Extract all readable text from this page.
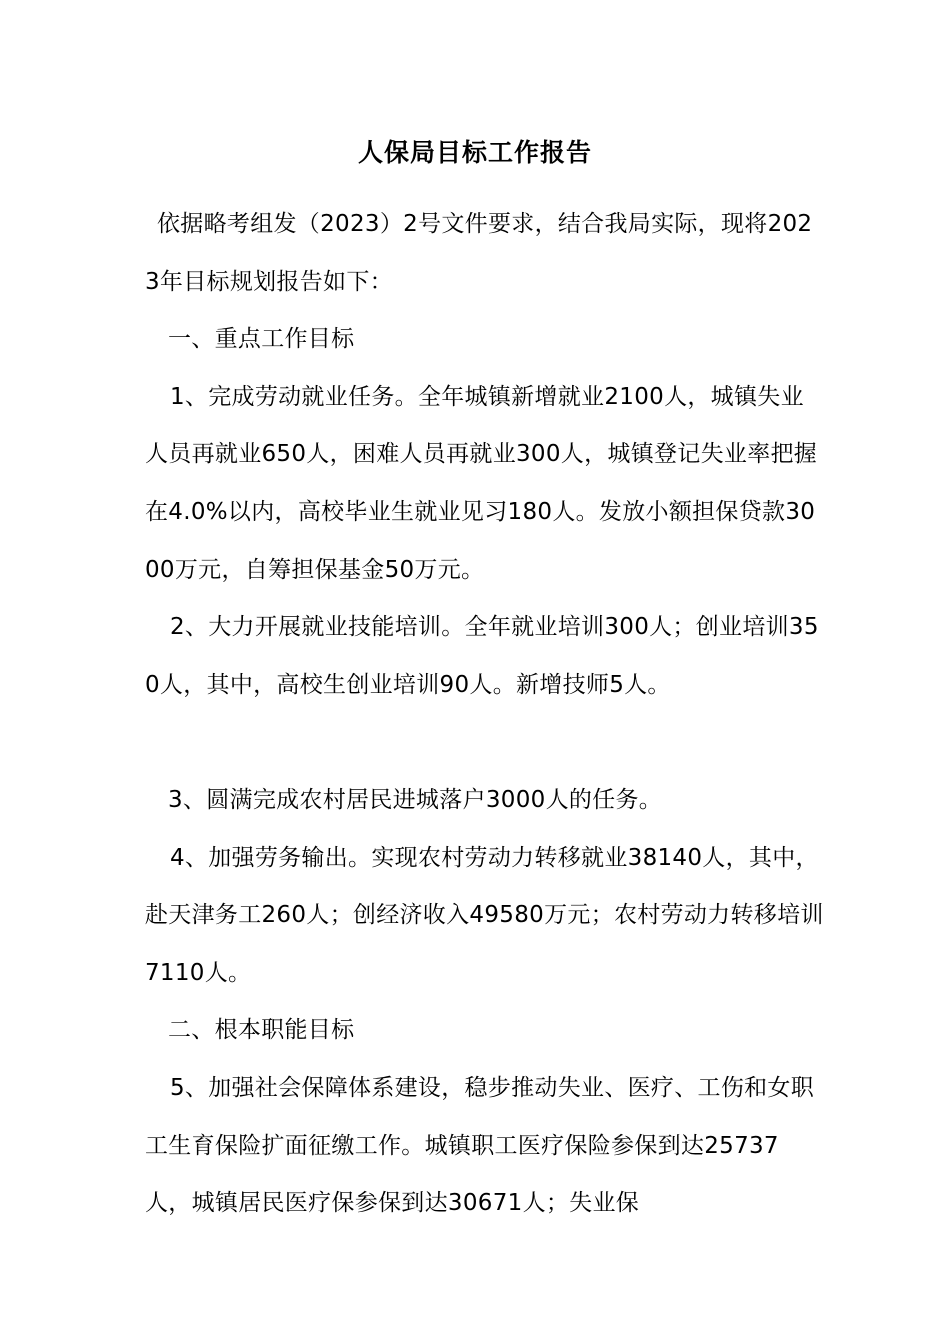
人保局目标工作报告

依据略考组发（2023）2号文件要求，结合我局实际，现将2023年目标规划报告如下：

一、重点工作目标

1、完成劳动就业任务。全年城镇新增就业2100人，城镇失业人员再就业650人，困难人员再就业300人，城镇登记失业率把握在4.0%以内，高校毕业生就业见习180人。发放小额担保贷款3000万元，自筹担保基金50万元。

2、大力开展就业技能培训。全年就业培训300人；创业培训350人，其中，高校生创业培训90人。新增技师5人。

3、圆满完成农村居民进城落户3000人的任务。

4、加强劳务输出。实现农村劳动力转移就业38140人，其中，赴天津务工260人；创经济收入49580万元；农村劳动力转移培训7110人。

二、根本职能目标

5、加强社会保障体系建设，稳步推动失业、医疗、工伤和女职工生育保险扩面征缴工作。城镇职工医疗保险参保到达25737人，城镇居民医疗保参保到达30671人；失业保
